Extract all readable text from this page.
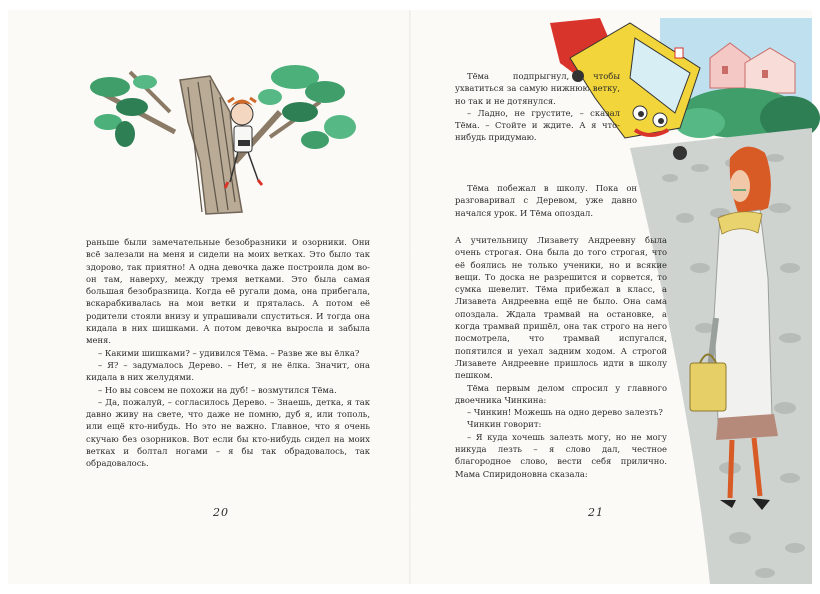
раньше были замечательные безобразники и озорники. Они всё залезали на меня и сидели на моих ветках. Это было так здорово, так приятно! А одна девочка даже построила дом во-он там, наверху, между тремя ветками. Это была самая большая безобразница. Когда её ругали дома, она прибегала, вскарабкивалась на мои ветки и пряталась. А потом её родители стояли внизу и упрашивали спуститься. И тогда она кидала в них шишками. А потом девочка выросла и забыла меня.

– Какими шишками? – удивился Тёма. – Разве же вы ёлка?

– Я? – задумалось Дерево. – Нет, я не ёлка. Значит, она кидала в них желудями.

– Но вы совсем не похожи на дуб! – возмутился Тёма.

– Да, пожалуй, – согласилось Дерево. – Знаешь, детка, я так давно живу на свете, что даже не помню, дуб я, или тополь, или ещё кто-нибудь. Но это не важно. Главное, что я очень скучаю без озорников. Вот если бы кто-нибудь сидел на моих ветках и болтал ногами – я бы так обрадовалось, так обрадовалось.

20

Тёма подпрыгнул, чтобы ухватиться за самую нижнюю ветку, но так и не дотянулся.

– Ладно, не грустите, – сказал Тёма. – Стойте и ждите. А я что-нибудь придумаю.

Тёма побежал в школу. Пока он разговаривал с Деревом, уже давно начался урок. И Тёма опоздал.

А учительницу Лизавету Андреевну была очень строгая. Она была до того строгая, что её боялись не только ученики, но и всякие вещи. То доска не разрешится и сорвется, то сумка шевелит. Тёма прибежал в класс, а Лизавета Андреевна ещё не было. Она сама опоздала. Ждала трамвай на остановке, а когда трамвай пришёл, она так строго на него посмотрела, что трамвай испугался, попятился и уехал задним ходом. А строгой Лизавете Андреевне пришлось идти в школу пешком.

Тёма первым делом спросил у главного двоечника Чинкина:

– Чинкин! Можешь на одно дерево залезть?

Чинкин говорит:

– Я куда хочешь залезть могу, но не могу никуда лезть – я слово дал, честное благородное слово, вести себя прилично. Мама Спиридоновна сказала:

21
